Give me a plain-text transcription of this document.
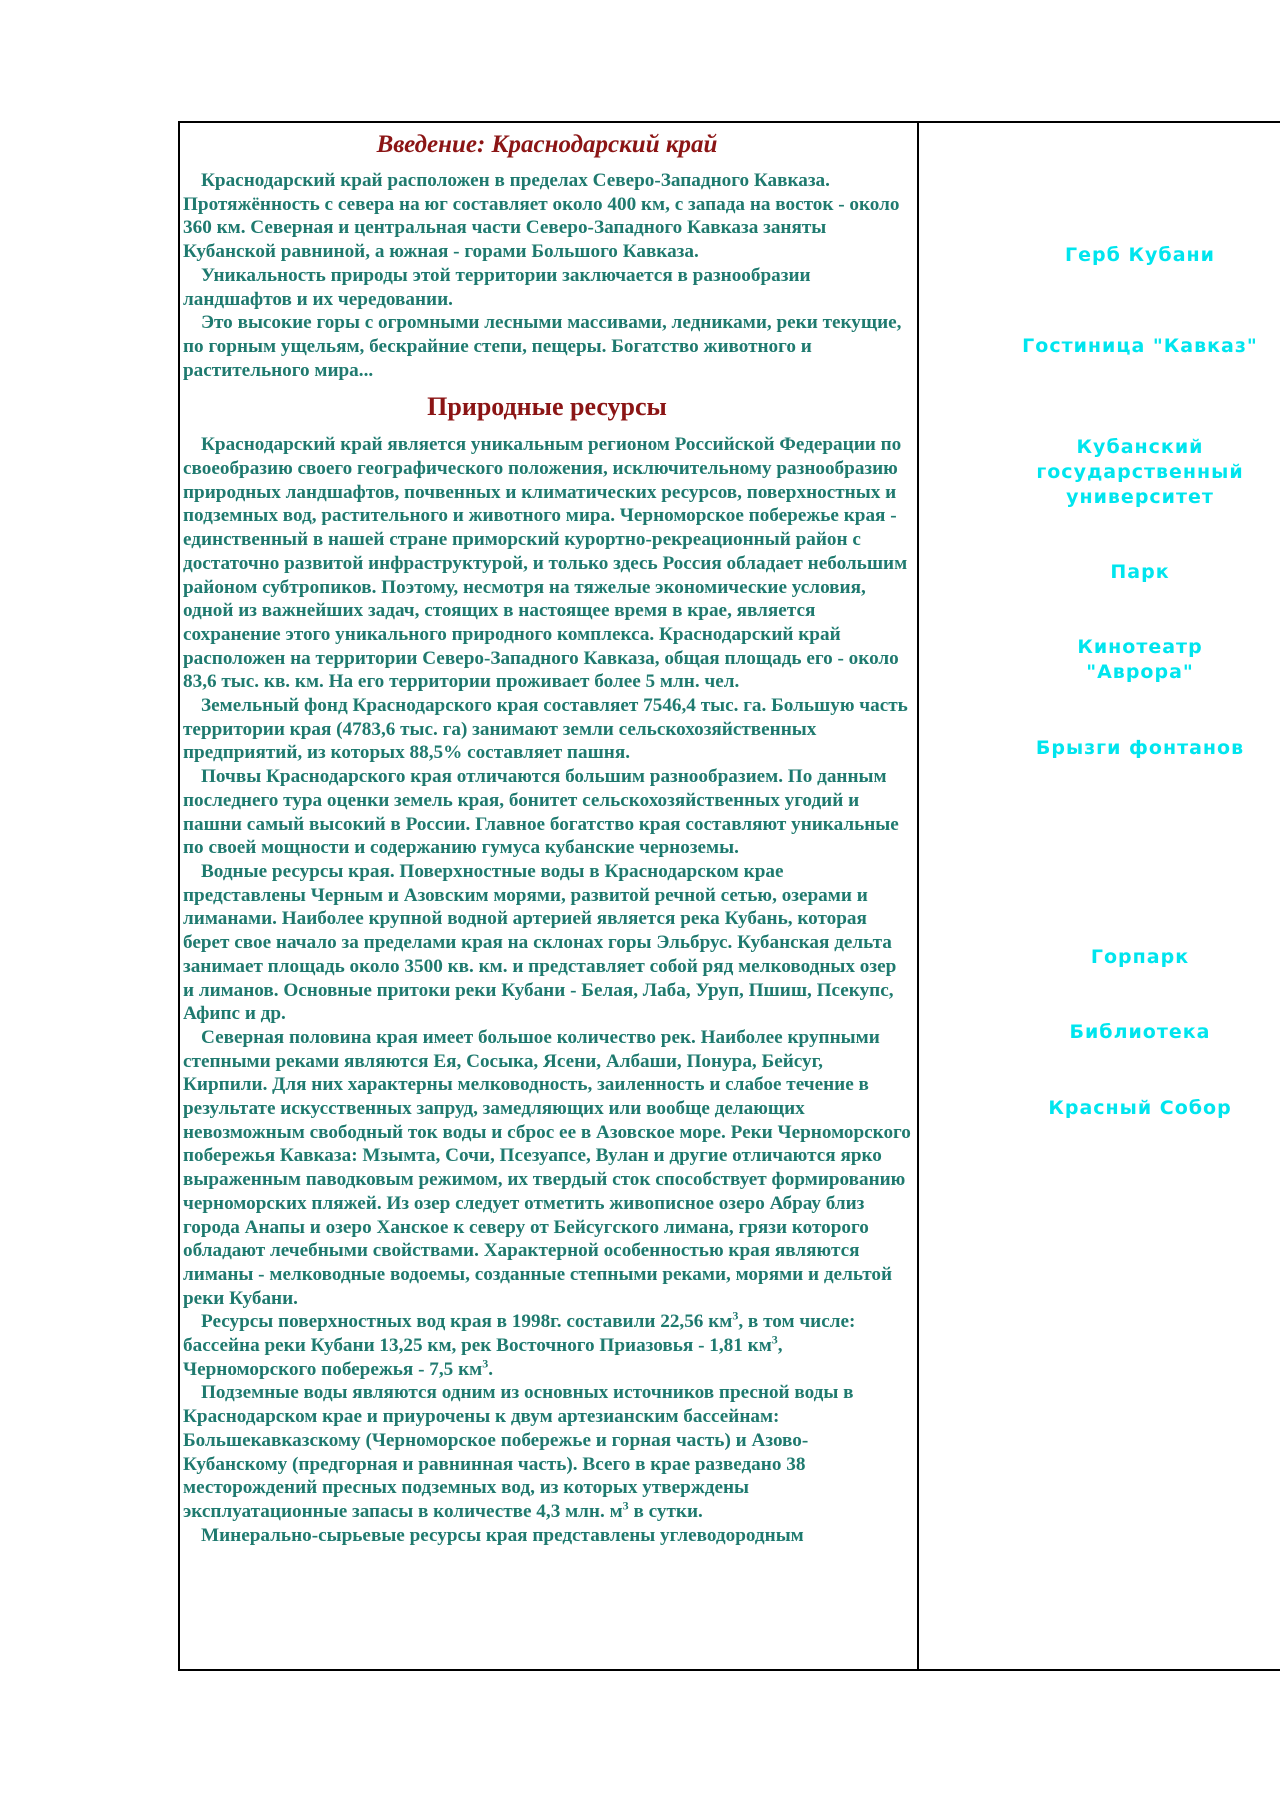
Введение: Краснодарский край

Краснодарский край расположен в пределах Северо-Западного Кавказа. Протяжённость с севера на юг составляет около 400 км, с запада на восток - около 360 км. Северная и центральная части Северо-Западного Кавказа заняты Кубанской равниной, а южная - горами Большого Кавказа.

Уникальность природы этой территории заключается в разнообразии ландшафтов и их чередовании.

Это высокие горы с огромными лесными массивами, ледниками, реки текущие, по горным ущельям, бескрайние степи, пещеры. Богатство животного и растительного мира...

Природные ресурсы

Краснодарский край является уникальным регионом Российской Федерации по своеобразию своего географического положения, исключительному разнообразию природных ландшафтов, почвенных и климатических ресурсов, поверхностных и подземных вод, растительного и животного мира. Черноморское побережье края - единственный в нашей стране приморский курортно-рекреационный район с достаточно развитой инфраструктурой, и только здесь Россия обладает небольшим районом субтропиков. Поэтому, несмотря на тяжелые экономические условия, одной из важнейших задач, стоящих в настоящее время в крае, является сохранение этого уникального природного комплекса. Краснодарский край расположен на территории Северо-Западного Кавказа, общая площадь его - около 83,6 тыс. кв. км. На его территории проживает более 5 млн. чел.

Земельный фонд Краснодарского края составляет 7546,4 тыс. га. Большую часть территории края (4783,6 тыс. га) занимают земли сельскохозяйственных предприятий, из которых 88,5% составляет пашня.

Почвы Краснодарского края отличаются большим разнообразием. По данным последнего тура оценки земель края, бонитет сельскохозяйственных угодий и пашни самый высокий в России. Главное богатство края составляют уникальные по своей мощности и содержанию гумуса кубанские черноземы.

Водные ресурсы края. Поверхностные воды в Краснодарском крае представлены Черным и Азовским морями, развитой речной сетью, озерами и лиманами. Наиболее крупной водной артерией является река Кубань, которая берет свое начало за пределами края на склонах горы Эльбрус. Кубанская дельта занимает площадь около 3500 кв. км. и представляет собой ряд мелководных озер и лиманов. Основные притоки реки Кубани - Белая, Лаба, Уруп, Пшиш, Псекупс, Афипс и др.

Северная половина края имеет большое количество рек. Наиболее крупными степными реками являются Ея, Сосыка, Ясени, Албаши, Понура, Бейсуг, Кирпили. Для них характерны мелководность, заиленность и слабое течение в результате искусственных запруд, замедляющих или вообще делающих невозможным свободный ток воды и сброс ее в Азовское море. Реки Черноморского побережья Кавказа: Мзымта, Сочи, Псезуапсе, Вулан и другие отличаются ярко выраженным паводковым режимом, их твердый сток способствует формированию черноморских пляжей. Из озер следует отметить живописное озеро Абрау близ города Анапы и озеро Ханское к северу от Бейсугского лимана, грязи которого обладают лечебными свойствами. Характерной особенностью края являются лиманы - мелководные водоемы, созданные степными реками, морями и дельтой реки Кубани.

Ресурсы поверхностных вод края в 1998г. составили 22,56 $км^3$, в том числе: бассейна реки Кубани 13,25 км, рек Восточного Приазовья - 1,81 $км^3$, Черноморского побережья - 7,5 $км^3$.

Подземные воды являются одним из основных источников пресной воды в Краснодарском крае и приурочены к двум артезианским бассейнам: Большекавказскому (Черноморское побережье и горная часть) и Азово-Кубанскому (предгорная и равнинная часть). Всего в крае разведано 38 месторождений пресных подземных вод, из которых утверждены эксплуатационные запасы в количестве 4,3 млн. $м^3$ в сутки.

Минерально-сырьевые ресурсы края представлены углеводородным

Герб Кубани
Гостиница "Кавказ"
Кубанский государственный университет
Парк
Кинотеатр "Аврора"
Брызги фонтанов
Горпарк
Библиотека
Красный Собор
